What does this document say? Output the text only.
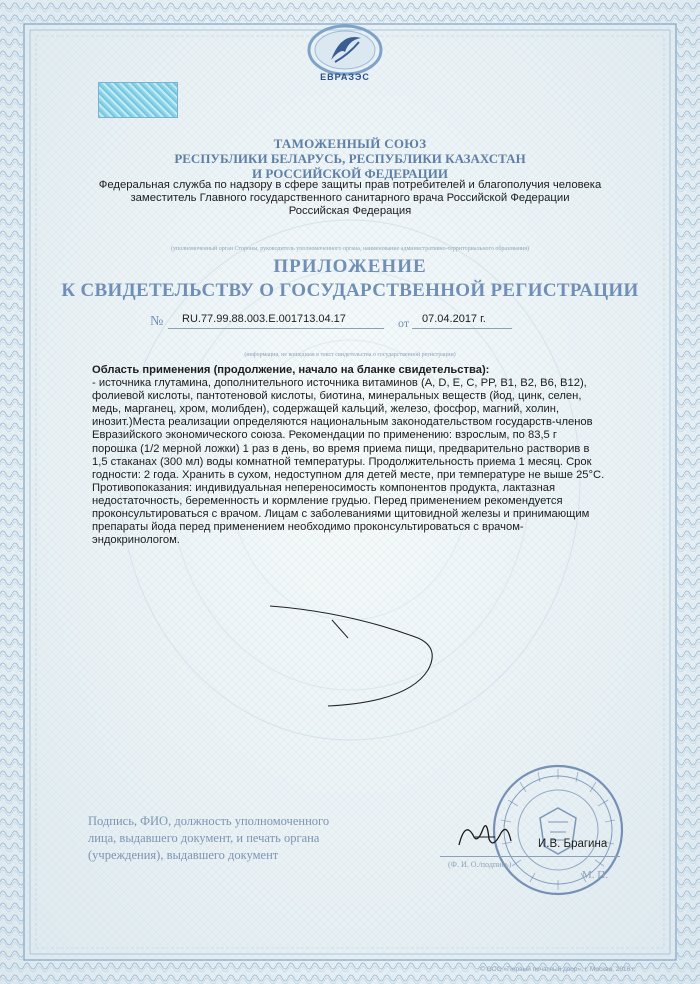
ЕВРАЗЭС
ТАМОЖЕННЫЙ СОЮЗ
РЕСПУБЛИКИ БЕЛАРУСЬ, РЕСПУБЛИКИ КАЗАХСТАН
И РОССИЙСКОЙ ФЕДЕРАЦИИ
Федеральная служба по надзору в сфере защиты прав потребителей и благополучия человека
заместитель Главного государственного санитарного врача Российской Федерации
Российская Федерация
(уполномоченный орган Стороны, руководитель уполномоченного органа, наименование административно-территориального образования)
ПРИЛОЖЕНИЕ
К СВИДЕТЕЛЬСТВУ О ГОСУДАРСТВЕННОЙ РЕГИСТРАЦИИ
№ RU.77.99.88.003.Е.001713.04.17	от 07.04.2017 г.
(информация, не вошедшая в текст свидетельства о государственной регистрации)

Область применения (продолжение, начало на бланке свидетельства):

- источника глутамина, дополнительного источника витаминов (A, D, E, C, PP, B1, B2, B6, B12),

фолиевой кислоты, пантотеновой кислоты, биотина, минеральных веществ (йод, цинк, селен,

медь, марганец, хром, молибден), содержащей кальций, железо, фосфор, магний, холин,

инозит.)Места реализации определяются национальным законодательством государств-членов

Евразийского экономического союза. Рекомендации по применению: взрослым, по 83,5 г

порошка (1/2 мерной ложки) 1 раз в день, во время приема пищи, предварительно растворив в

1,5 стаканах (300 мл) воды комнатной температуры. Продолжительность приема 1 месяц. Срок

годности: 2 года. Хранить в сухом, недоступном для детей месте, при температуре не выше 25°С.

Противопоказания: индивидуальная непереносимость компонентов продукта, лактазная

недостаточность, беременность и кормление грудью. Перед применением рекомендуется

проконсультироваться с врачом. Лицам с заболеваниями щитовидной железы и принимающим

препараты йода перед применением необходимо проконсультироваться с врачом-

эндокринологом.

Подпись, ФИО, должность уполномоченного

лица, выдавшего документ, и печать органа

(учреждения), выдавшего документ

И.В. Брагина
(Ф. И. О./подпись)
М. П.
© ООО «Первый печатный двор», г. Москва, 2016 г.
